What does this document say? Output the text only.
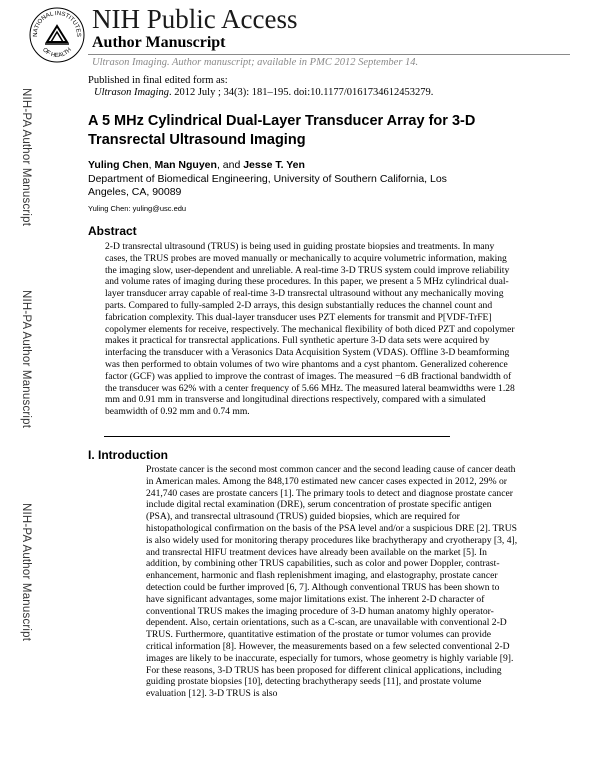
NATIONAL INSTITUTES
OF HEALTH
NIH Public Access
Author Manuscript
Ultrason Imaging. Author manuscript; available in PMC 2012 September 14.
Published in final edited form as:
Ultrason Imaging. 2012 July ; 34(3): 181–195. doi:10.1177/0161734612453279.
NIH-PA Author Manuscript
NIH-PA Author Manuscript
NIH-PA Author Manuscript
A 5 MHz Cylindrical Dual-Layer Transducer Array for 3-D Transrectal Ultrasound Imaging
Yuling Chen, Man Nguyen, and Jesse T. Yen
Department of Biomedical Engineering, University of Southern California, Los Angeles, CA, 90089
Yuling Chen: yuling@usc.edu
Abstract
2-D transrectal ultrasound (TRUS) is being used in guiding prostate biopsies and treatments. In many cases, the TRUS probes are moved manually or mechanically to acquire volumetric information, making the imaging slow, user-dependent and unreliable. A real-time 3-D TRUS system could improve reliability and volume rates of imaging during these procedures. In this paper, we present a 5 MHz cylindrical dual-layer transducer array capable of real-time 3-D transrectal ultrasound without any mechanically moving parts. Compared to fully-sampled 2-D arrays, this design substantially reduces the channel count and fabrication complexity. This dual-layer transducer uses PZT elements for transmit and P[VDF-TrFE] copolymer elements for receive, respectively. The mechanical flexibility of both diced PZT and copolymer makes it practical for transrectal applications. Full synthetic aperture 3-D data sets were acquired by interfacing the transducer with a Verasonics Data Acquisition System (VDAS). Offline 3-D beamforming was then performed to obtain volumes of two wire phantoms and a cyst phantom. Generalized coherence factor (GCF) was applied to improve the contrast of images. The measured −6 dB fractional bandwidth of the transducer was 62% with a center frequency of 5.66 MHz. The measured lateral beamwidths were 1.28 mm and 0.91 mm in transverse and longitudinal directions respectively, compared with a simulated beamwidth of 0.92 mm and 0.74 mm.
I. Introduction
Prostate cancer is the second most common cancer and the second leading cause of cancer death in American males. Among the 848,170 estimated new cancer cases expected in 2012, 29% or 241,740 cases are prostate cancers [1]. The primary tools to detect and diagnose prostate cancer include digital rectal examination (DRE), serum concentration of prostate specific antigen (PSA), and transrectal ultrasound (TRUS) guided biopsies, which are required for histopathological confirmation on the basis of the PSA level and/or a suspicious DRE [2]. TRUS is also widely used for monitoring therapy procedures like brachytherapy and cryotherapy [3, 4], and transrectal HIFU treatment devices have already been available on the market [5]. In addition, by combining other TRUS capabilities, such as color and power Doppler, contrast-enhancement, harmonic and flash replenishment imaging, and elastography, prostate cancer detection could be further improved [6, 7]. Although conventional TRUS has been shown to have significant advantages, some major limitations exist. The inherent 2-D character of conventional TRUS makes the imaging procedure of 3-D human anatomy highly operator-dependent. Also, certain orientations, such as a C-scan, are unavailable with conventional 2-D TRUS. Furthermore, quantitative estimation of the prostate or tumor volumes can provide critical information [8]. However, the measurements based on a few selected conventional 2-D images are likely to be inaccurate, especially for tumors, whose geometry is highly variable [9]. For these reasons, 3-D TRUS has been proposed for different clinical applications, including guiding prostate biopsies [10], detecting brachytherapy seeds [11], and prostate volume evaluation [12]. 3-D TRUS is also
